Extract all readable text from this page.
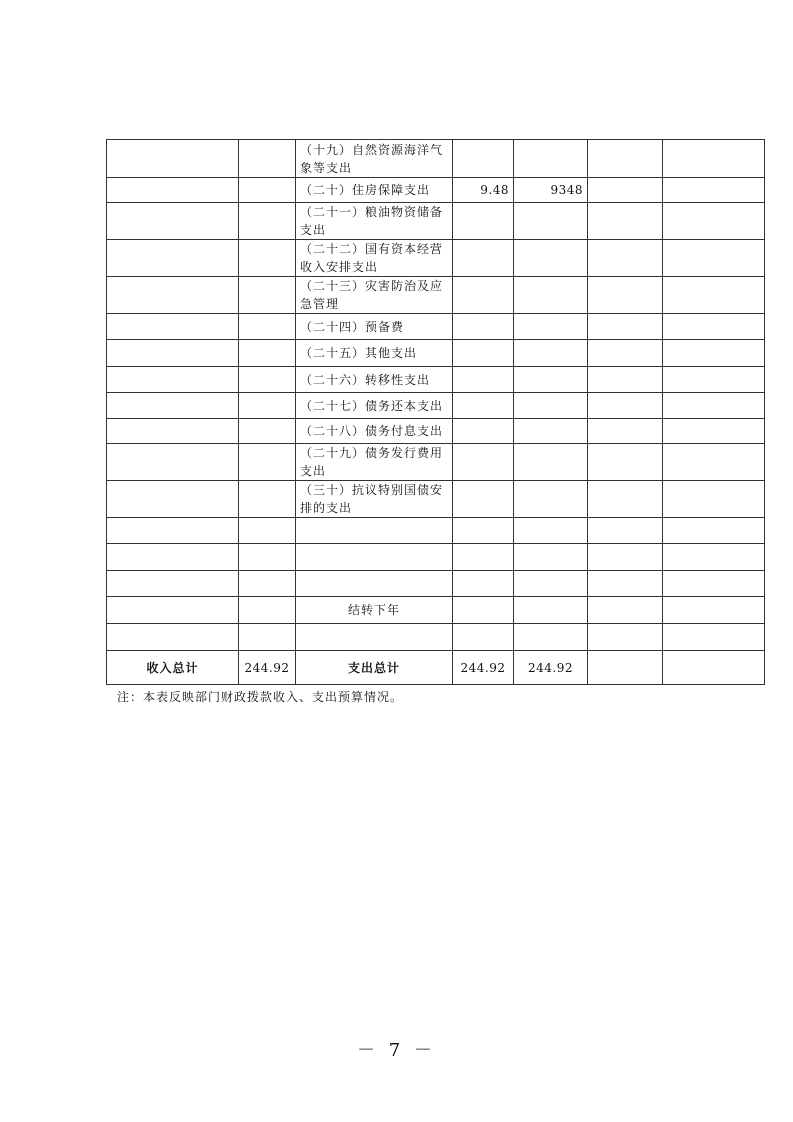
		（十九）自然资源海洋气象等支出				
		（二十）住房保障支出	9.48	9348		
		（二十一）粮油物资储备支出				
		（二十二）国有资本经营收入安排支出				
		（二十三）灾害防治及应急管理				
		（二十四）预备费				
		（二十五）其他支出				
		（二十六）转移性支出				
		（二十七）债务还本支出				
		（二十八）债务付息支出				
		（二十九）债务发行费用支出				
		（三十）抗议特别国债安排的支出				

		结转下年				

收入总计	244.92	支出总计	244.92	244.92		
注：本表反映部门财政拨款收入、支出预算情况。
－ 7 －
